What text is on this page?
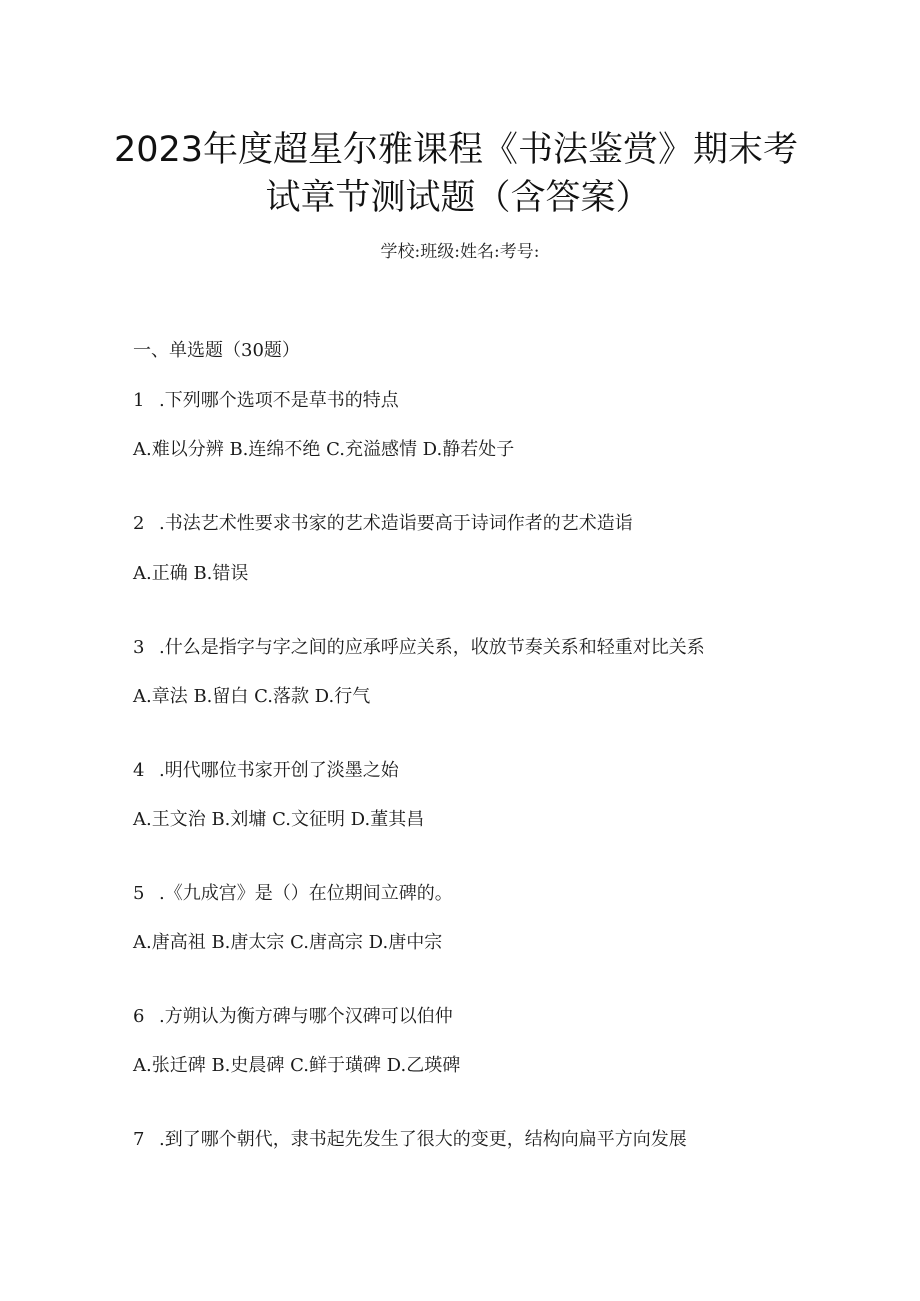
2023年度超星尔雅课程《书法鉴赏》期末考
试章节测试题（含答案）
学校:班级:姓名:考号:
一、单选题（30题）
1 .下列哪个选项不是草书的特点
A.难以分辨 B.连绵不绝 C.充溢感情 D.静若处子
2 .书法艺术性要求书家的艺术造诣要高于诗词作者的艺术造诣
A.正确 B.错误
3 .什么是指字与字之间的应承呼应关系，收放节奏关系和轻重对比关系
A.章法 B.留白 C.落款 D.行气
4 .明代哪位书家开创了淡墨之始
A.王文治 B.刘墉 C.文征明 D.董其昌
5 .《九成宫》是（）在位期间立碑的。
A.唐高祖 B.唐太宗 C.唐高宗 D.唐中宗
6 .方朔认为衡方碑与哪个汉碑可以伯仲
A.张迁碑 B.史晨碑 C.鲜于璜碑 D.乙瑛碑
7 .到了哪个朝代，隶书起先发生了很大的变更，结构向扁平方向发展
